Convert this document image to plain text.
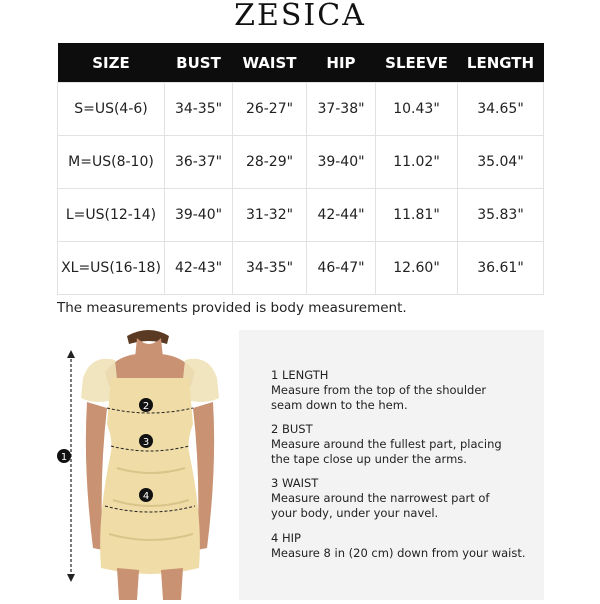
ZESICA
SIZE	BUST	WAIST	HIP	SLEEVE	LENGTH
S=US(4-6)	34-35"	26-27"	37-38"	10.43"	34.65"
M=US(8-10)	36-37"	28-29"	39-40"	11.02"	35.04"
L=US(12-14)	39-40"	31-32"	42-44"	11.81"	35.83"
XL=US(16-18)	42-43"	34-35"	46-47"	12.60"	36.61"
The measurements provided is body measurement.
1
2
3
4
1 LENGTH
Measure from the top of the shoulder
seam down to the hem.
2 BUST
Measure around the fullest part, placing
the tape close up under the arms.
3 WAIST
Measure around the narrowest part of
your body, under your navel.
4 HIP
Measure 8 in (20 cm) down from your waist.
